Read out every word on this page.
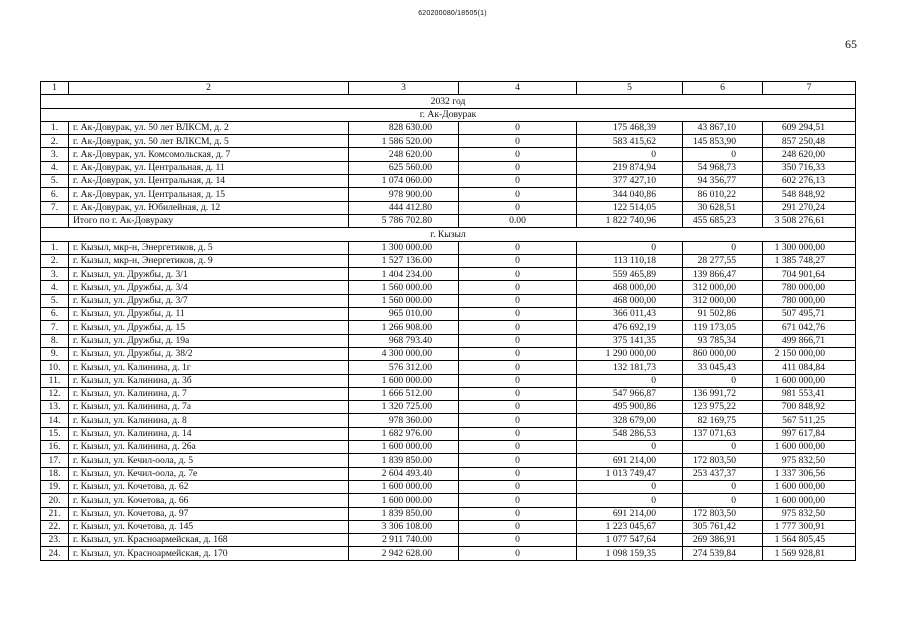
620200080/18505(1)
65
1	2	3	4	5	6	7
2032 год						
г. Ак-Довурак						
1.	г. Ак-Довурак, ул. 50 лет ВЛКСМ, д. 2	828 630.00	0	175 468,39	43 867,10	609 294,51
2.	г. Ак-Довурак, ул. 50 лет ВЛКСМ, д. 5	1 586 520.00	0	583 415,62	145 853,90	857 250,48
3.	г. Ак-Довурак, ул. Комсомольская, д. 7	248 620.00	0	0	0	248 620,00
4.	г. Ак-Довурак, ул. Центральная, д. 11	625 560.00	0	219 874,94	54 968,73	350 716,33
5.	г. Ак-Довурак, ул. Центральная, д. 14	1 074 060.00	0	377 427,10	94 356,77	602 276,13
6.	г. Ак-Довурак, ул. Центральная, д. 15	978 900.00	0	344 040,86	86 010,22	548 848,92
7.	г. Ак-Довурак, ул. Юбилейная, д. 12	444 412.80	0	122 514,05	30 628,51	291 270,24
	Итого по г. Ак-Довураку	5 786 702.80	0.00	1 822 740,96	455 685,23	3 508 276,61
г. Кызыл						
1.	г. Кызыл, мкр-н, Энергетиков, д. 5	1 300 000.00	0	0	0	1 300 000,00
2.	г. Кызыл, мкр-н, Энергетиков, д. 9	1 527 136.00	0	113 110,18	28 277,55	1 385 748,27
3.	г. Кызыл, ул. Дружбы, д. 3/1	1 404 234.00	0	559 465,89	139 866,47	704 901,64
4.	г. Кызыл, ул. Дружбы, д. 3/4	1 560 000.00	0	468 000,00	312 000,00	780 000,00
5.	г. Кызыл, ул. Дружбы, д. 3/7	1 560 000.00	0	468 000,00	312 000,00	780 000,00
6.	г. Кызыл, ул. Дружбы, д. 11	965 010.00	0	366 011,43	91 502,86	507 495,71
7.	г. Кызыл, ул. Дружбы, д. 15	1 266 908.00	0	476 692,19	119 173,05	671 042,76
8.	г. Кызыл, ул. Дружбы, д. 19а	968 793.40	0	375 141,35	93 785,34	499 866,71
9.	г. Кызыл, ул. Дружбы, д. 38/2	4 300 000.00	0	1 290 000,00	860 000,00	2 150 000,00
10.	г. Кызыл, ул. Калинина, д. 1г	576 312.00	0	132 181,73	33 045,43	411 084,84
11.	г. Кызыл, ул. Калинина, д. 3б	1 600 000.00	0	0	0	1 600 000,00
12.	г. Кызыл, ул. Калинина, д. 7	1 666 512.00	0	547 966,87	136 991,72	981 553,41
13.	г. Кызыл, ул. Калинина, д. 7а	1 320 725.00	0	495 900,86	123 975,22	700 848,92
14.	г. Кызыл, ул. Калинина, д. 8	978 360.00	0	328 679,00	82 169,75	567 511,25
15.	г. Кызыл, ул. Калинина, д. 14	1 682 976.00	0	548 286,53	137 071,63	997 617,84
16.	г. Кызыл, ул. Калинина, д. 26а	1 600 000.00	0	0	0	1 600 000,00
17.	г. Кызыл, ул. Кечил-оола, д. 5	1 839 850.00	0	691 214,00	172 803,50	975 832,50
18.	г. Кызыл, ул. Кечил-оола, д. 7е	2 604 493.40	0	1 013 749,47	253 437,37	1 337 306,56
19.	г. Кызыл, ул. Кочетова, д. 62	1 600 000.00	0	0	0	1 600 000,00
20.	г. Кызыл, ул. Кочетова, д. 66	1 600 000.00	0	0	0	1 600 000,00
21.	г. Кызыл, ул. Кочетова, д. 97	1 839 850.00	0	691 214,00	172 803,50	975 832,50
22.	г. Кызыл, ул. Кочетова, д. 145	3 306 108.00	0	1 223 045,67	305 761,42	1 777 300,91
23.	г. Кызыл, ул. Красноармейская, д. 168	2 911 740.00	0	1 077 547,64	269 386,91	1 564 805,45
24.	г. Кызыл, ул. Красноармейская, д. 170	2 942 628.00	0	1 098 159,35	274 539,84	1 569 928,81
